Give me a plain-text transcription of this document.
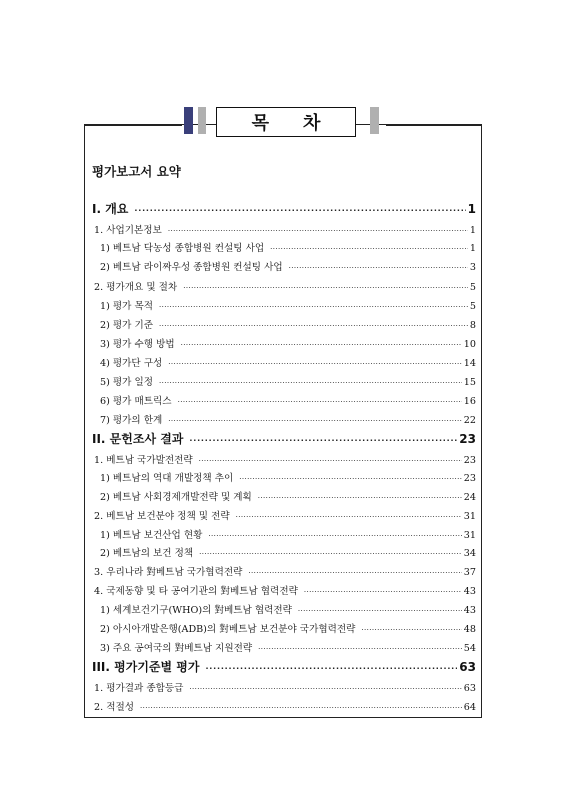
목 차
평가보고서 요약
I. 개요 ·····	1
1. 사업기본정보 ·····	1
1) 베트남 닥농성 종합병원 컨설팅 사업 ·····	1
2) 베트남 라이짜우성 종합병원 컨설팅 사업 ·····	3
2. 평가개요 및 절차 ·····	5
1) 평가 목적 ·····	5
2) 평가 기준 ·····	8
3) 평가 수행 방법 ·····	10
4) 평가단 구성 ·····	14
5) 평가 일정 ·····	15
6) 평가 매트릭스 ·····	16
7) 평가의 한계 ·····	22
II. 문헌조사 결과 ·····	23
1. 베트남 국가발전전략 ·····	23
1) 베트남의 역대 개발정책 추이 ·····	23
2) 베트남 사회경제개발전략 및 계획 ·····	24
2. 베트남 보건분야 정책 및 전략 ·····	31
1) 베트남 보건산업 현황 ·····	31
2) 베트남의 보건 정책 ·····	34
3. 우리나라 對베트남 국가협력전략 ·····	37
4. 국제동향 및 타 공여기관의 對베트남 협력전략 ·····	43
1) 세계보건기구(WHO)의 對베트남 협력전략 ·····	43
2) 아시아개발은행(ADB)의 對베트남 보건분야 국가협력전략 ·····	48
3) 주요 공여국의 對베트남 지원전략 ·····	54
III. 평가기준별 평가 ·····	63
1. 평가결과 종합등급 ·····	63
2. 적절성 ·····	64
